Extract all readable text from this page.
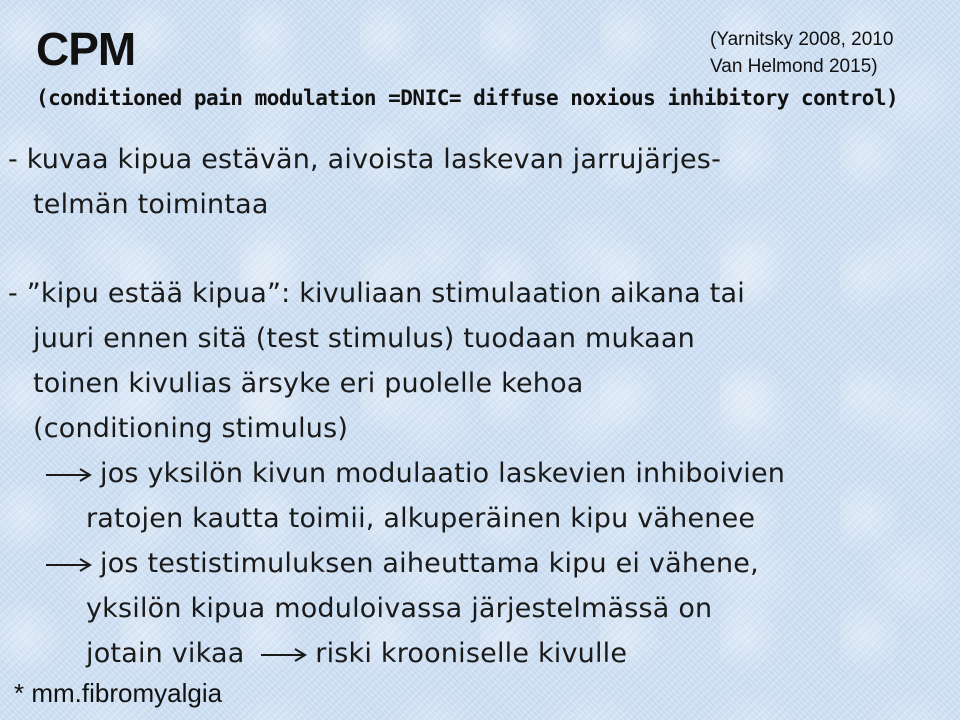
CPM	(Yarnitsky 2008, 2010
Van Helmond 2015)
(conditioned pain modulation =DNIC= diffuse noxious inhibitory control)
- kuvaa kipua estävän, aivoista laskevan jarrujärjes-
telmän toimintaa
- ”kipu estää kipua”: kivuliaan stimulaation aikana tai
juuri ennen sitä (test stimulus) tuodaan mukaan
toinen kivulias ärsyke eri puolelle kehoa
(conditioning stimulus)
jos yksilön kivun modulaatio laskevien inhiboivien
ratojen kautta toimii, alkuperäinen kipu vähenee
jos testistimuluksen aiheuttama kipu ei vähene,
yksilön kipua moduloivassa järjestelmässä on
jotain vikaa	riski krooniselle kivulle
* mm.fibromyalgia
